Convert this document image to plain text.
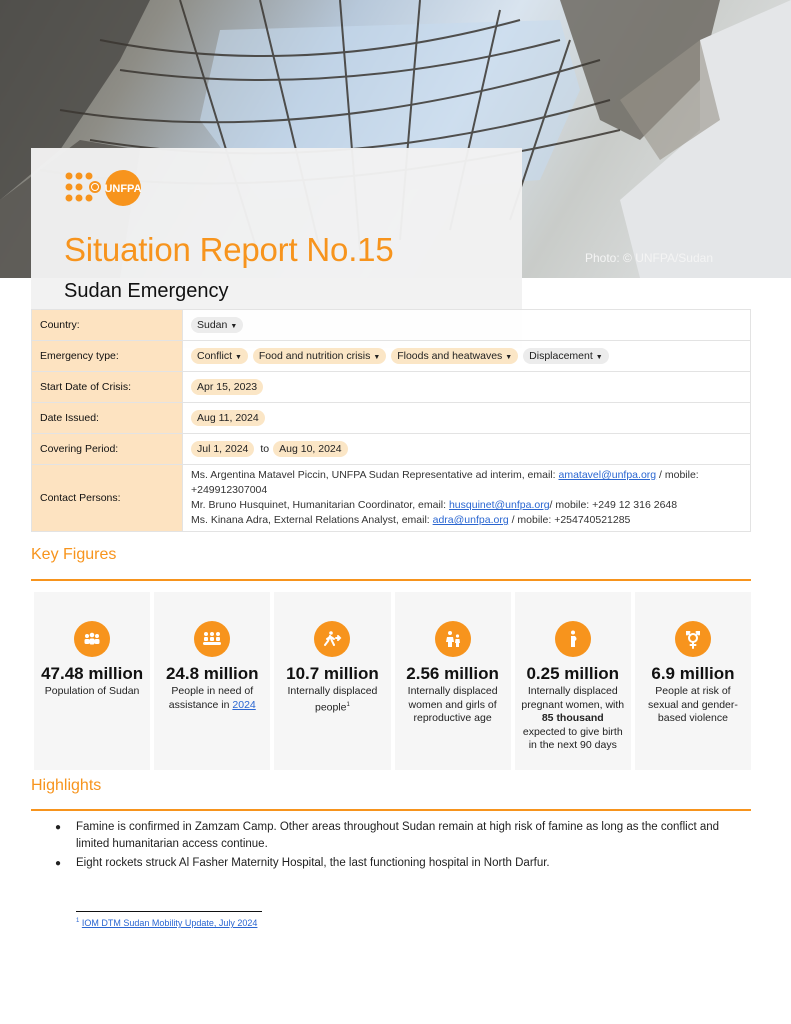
Photo: © UNFPA/Sudan
UNFPA
Situation Report No.15
Sudan Emergency
Country:	Sudan ▼
Emergency type:	Conflict ▼ Food and nutrition crisis ▼ Floods and heatwaves ▼ Displacement ▼
Start Date of Crisis:	Apr 15, 2023
Date Issued:	Aug 11, 2024
Covering Period:	Jul 1, 2024 to Aug 10, 2024
Contact Persons:	Ms. Argentina Matavel Piccin, UNFPA Sudan Representative ad interim, email: amatavel@unfpa.org / mobile: +249912307004
Mr. Bruno Husquinet, Humanitarian Coordinator, email: husquinet@unfpa.org/ mobile: +249 12 316 2648
Ms. Kinana Adra, External Relations Analyst, email: adra@unfpa.org / mobile: +254740521285
Key Figures
47.48 million
Population of Sudan
24.8 million
People in need of assistance in 2024
10.7 million
Internally displaced people$^1$
2.56 million
Internally displaced women and girls of reproductive age
0.25 million
Internally displaced pregnant women, with 85 thousand expected to give birth in the next 90 days
6.9 million
People at risk of sexual and gender-based violence
Highlights
● Famine is confirmed in Zamzam Camp. Other areas throughout Sudan remain at high risk of famine as long as the conflict and limited humanitarian access continue.
● Eight rockets struck Al Fasher Maternity Hospital, the last functioning hospital in North Darfur.
$^1$ IOM DTM Sudan Mobility Update, July 2024
